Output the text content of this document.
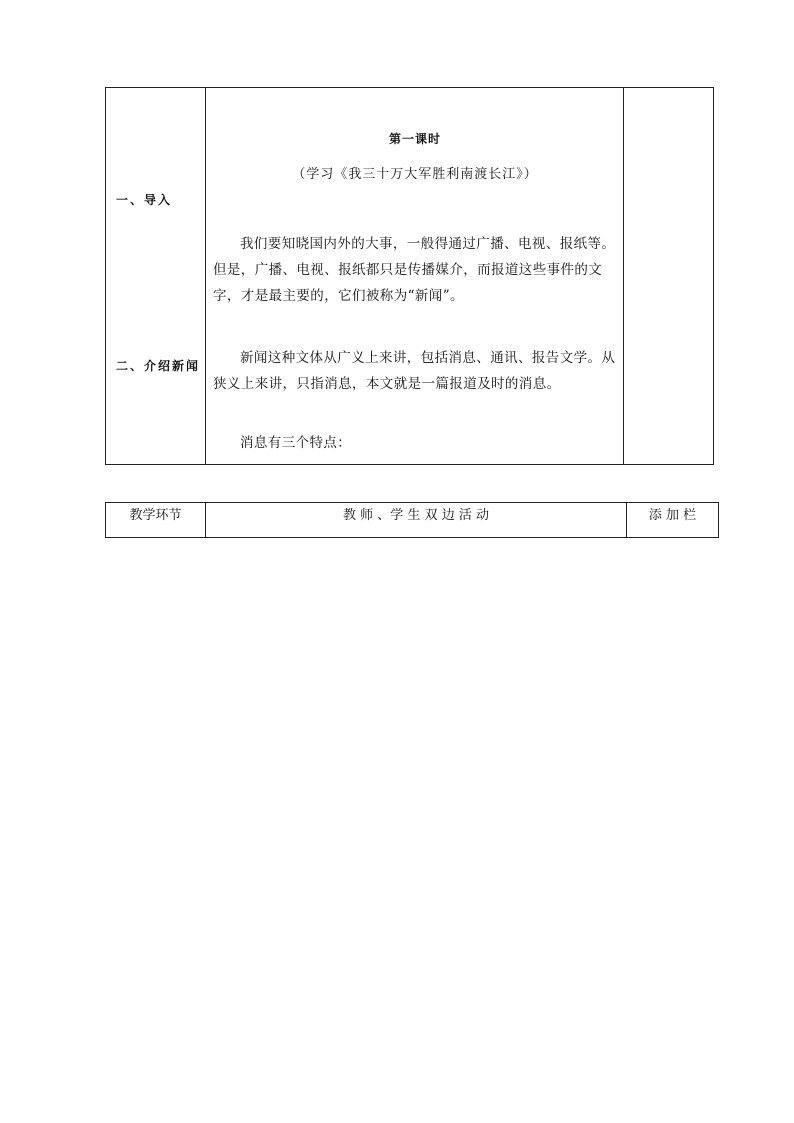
一、导入
二、介绍新闻
第一课时
（学习《我三十万大军胜利南渡长江》）

我们要知晓国内外的大事，一般得通过广播、电视、报纸等。但是，广播、电视、报纸都只是传播媒介，而报道这些事件的文字，才是最主要的，它们被称为“新闻”。

新闻这种文体从广义上来讲，包括消息、通讯、报告文学。从狭义上来讲，只指消息，本文就是一篇报道及时的消息。

消息有三个特点：

教学环节	教 师 、学 生 双 边 活 动	添 加 栏
